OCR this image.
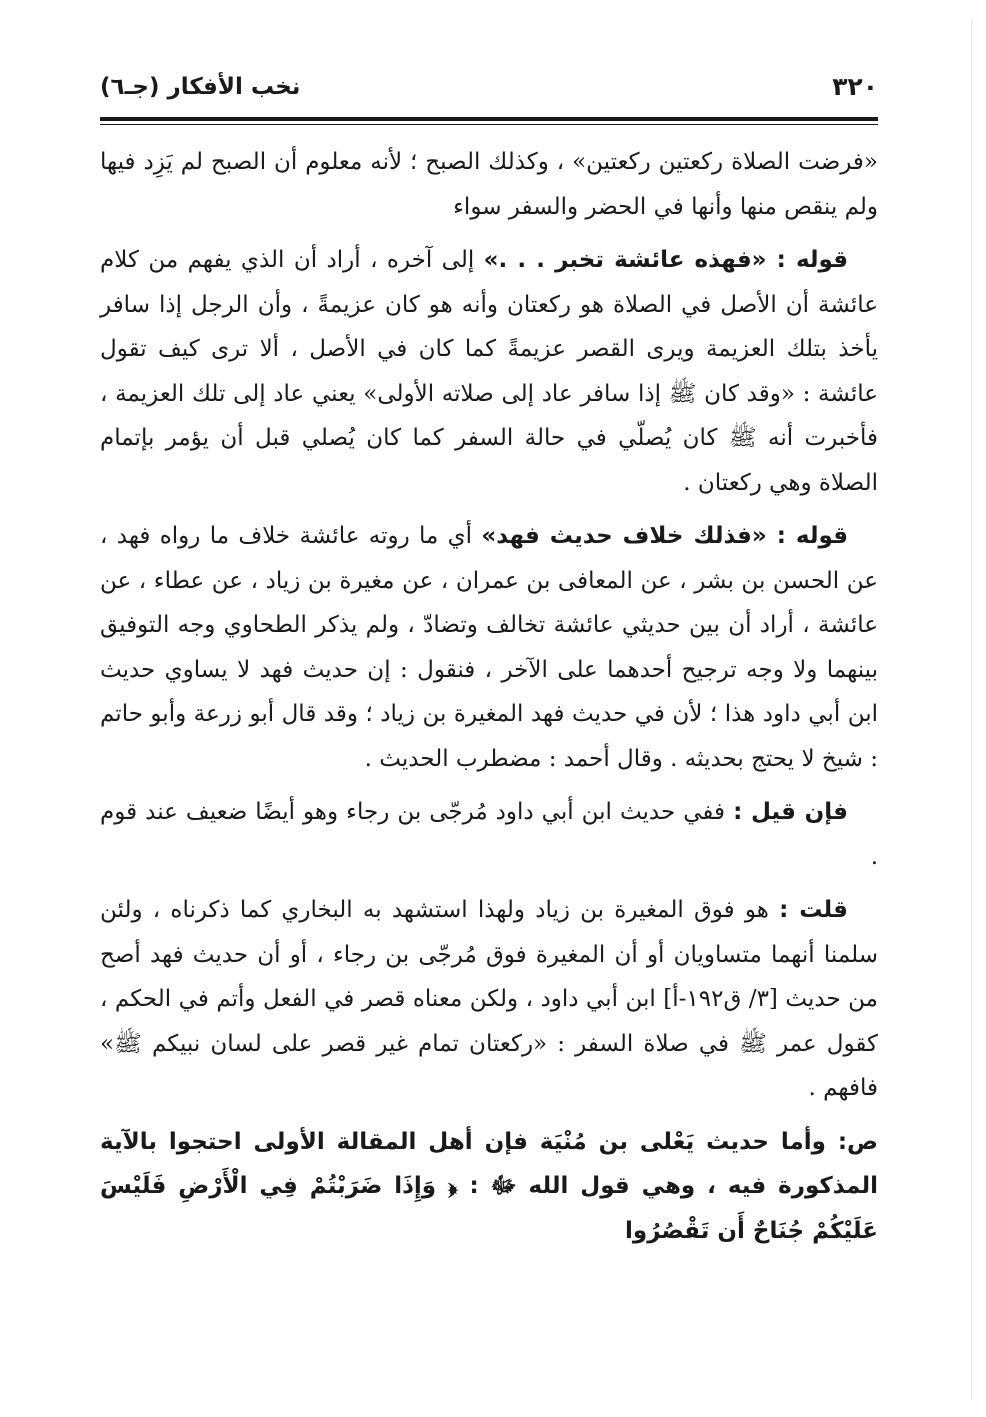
٣٢٠
نخب الأفكار (جـ٦)

«فرضت الصلاة ركعتين ركعتين» ، وكذلك الصبح ؛ لأنه معلوم أن الصبح لم يَزِد فيها ولم ينقص منها وأنها في الحضر والسفر سواء

قوله : «فهذه عائشة تخبر . . .» إلى آخره ، أراد أن الذي يفهم من كلام عائشة أن الأصل في الصلاة هو ركعتان وأنه هو كان عزيمةً ، وأن الرجل إذا سافر يأخذ بتلك العزيمة ويرى القصر عزيمةً كما كان في الأصل ، ألا ترى كيف تقول عائشة : «وقد كان ﷺ إذا سافر عاد إلى صلاته الأولى» يعني عاد إلى تلك العزيمة ، فأخبرت أنه ﷺ كان يُصلّي في حالة السفر كما كان يُصلي قبل أن يؤمر بإتمام الصلاة وهي ركعتان .

قوله : «فذلك خلاف حديث فهد» أي ما روته عائشة خلاف ما رواه فهد ، عن الحسن بن بشر ، عن المعافى بن عمران ، عن مغيرة بن زياد ، عن عطاء ، عن عائشة ، أراد أن بين حديثي عائشة تخالف وتضادّ ، ولم يذكر الطحاوي وجه التوفيق بينهما ولا وجه ترجيح أحدهما على الآخر ، فنقول : إن حديث فهد لا يساوي حديث ابن أبي داود هذا ؛ لأن في حديث فهد المغيرة بن زياد ؛ وقد قال أبو زرعة وأبو حاتم : شيخ لا يحتج بحديثه . وقال أحمد : مضطرب الحديث .

فإن قيل : ففي حديث ابن أبي داود مُرجّى بن رجاء وهو أيضًا ضعيف عند قوم .

قلت : هو فوق المغيرة بن زياد ولهذا استشهد به البخاري كما ذكرناه ، ولئن سلمنا أنهما متساويان أو أن المغيرة فوق مُرجّى بن رجاء ، أو أن حديث فهد أصح من حديث [٣/ ق١٩٢-أ] ابن أبي داود ، ولكن معناه قصر في الفعل وأتم في الحكم ، كقول عمر ﷺ في صلاة السفر : «ركعتان تمام غير قصر على لسان نبيكم ﷺ» فافهم .

ص: وأما حديث يَعْلى بن مُنْيَة فإن أهل المقالة الأولى احتجوا بالآية المذكورة فيه ، وهي قول الله ﷻ : ﴿ وَإِذَا ضَرَبْتُمْ فِي الْأَرْضِ فَلَيْسَ عَلَيْكُمْ جُنَاحٌ أَن تَقْصُرُوا
